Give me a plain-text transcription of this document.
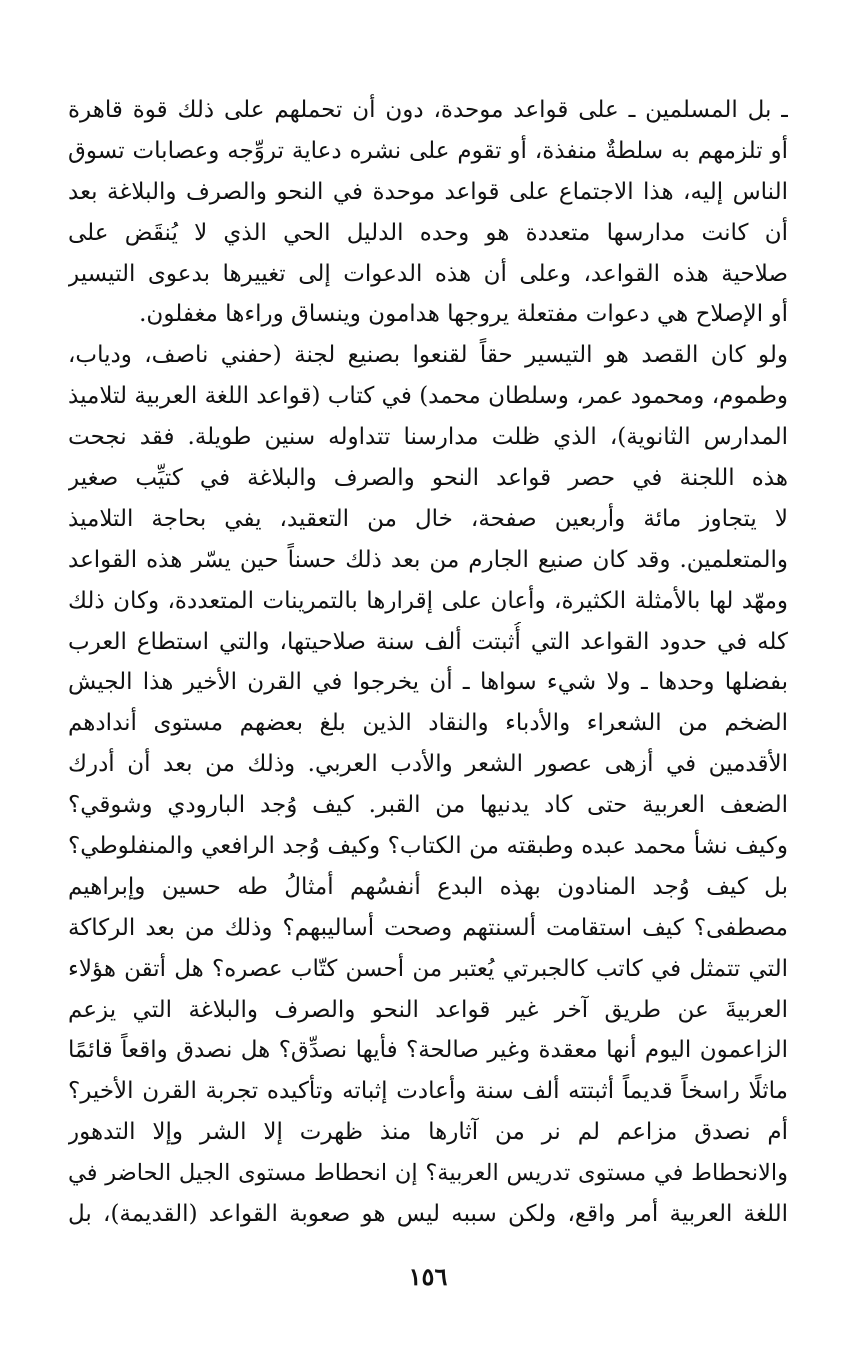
ـ بل المسلمين ـ على قواعد موحدة، دون أن تحملهم على ذلك قوة قاهرة
أو تلزمهم به سلطةٌ منفذة، أو تقوم على نشره دعاية تروِّجه وعصابات تسوق
الناس إليه، هذا الاجتماع على قواعد موحدة في النحو والصرف والبلاغة بعد
أن كانت مدارسها متعددة هو وحده الدليل الحي الذي لا يُنقَض على
صلاحية هذه القواعد، وعلى أن هذه الدعوات إلى تغييرها بدعوى التيسير
أو الإصلاح هي دعوات مفتعلة يروجها هدامون وينساق وراءها مغفلون.
ولو كان القصد هو التيسير حقاً لقنعوا بصنيع لجنة (حفني ناصف، ودياب،
وطموم، ومحمود عمر، وسلطان محمد) في كتاب (قواعد اللغة العربية لتلاميذ
المدارس الثانوية)، الذي ظلت مدارسنا تتداوله سنين طويلة. فقد نجحت
هذه اللجنة في حصر قواعد النحو والصرف والبلاغة في كتيِّب صغير
لا يتجاوز مائة وأربعين صفحة، خال من التعقيد، يفي بحاجة التلاميذ
والمتعلمين. وقد كان صنيع الجارم من بعد ذلك حسناً حين يسّر هذه القواعد
ومهّد لها بالأمثلة الكثيرة، وأعان على إقرارها بالتمرينات المتعددة، وكان ذلك
كله في حدود القواعد التي أُثبتت ألف سنة صلاحيتها، والتي استطاع العرب
بفضلها وحدها ـ ولا شيء سواها ـ أن يخرجوا في القرن الأخير هذا الجيش
الضخم من الشعراء والأدباء والنقاد الذين بلغ بعضهم مستوى أندادهم
الأقدمين في أزهى عصور الشعر والأدب العربي. وذلك من بعد أن أدرك
الضعف العربية حتى كاد يدنيها من القبر. كيف وُجد البارودي وشوقي؟
وكيف نشأ محمد عبده وطبقته من الكتاب؟ وكيف وُجد الرافعي والمنفلوطي؟
بل كيف وُجد المنادون بهذه البدع أنفسُهم أمثالُ طه حسين وإبراهيم
مصطفى؟ كيف استقامت ألسنتهم وصحت أساليبهم؟ وذلك من بعد الركاكة
التي تتمثل في كاتب كالجبرتي يُعتبر من أحسن كتّاب عصره؟ هل أتقن هؤلاء
العربيةَ عن طريق آخر غير قواعد النحو والصرف والبلاغة التي يزعم
الزاعمون اليوم أنها معقدة وغير صالحة؟ فأيها نصدِّق؟ هل نصدق واقعاً قائمًا
ماثلًا راسخاً قديماً أثبتته ألف سنة وأعادت إثباته وتأكيده تجربة القرن الأخير؟
أم نصدق مزاعم لم نر من آثارها منذ ظهرت إلا الشر وإلا التدهور
والانحطاط في مستوى تدريس العربية؟ إن انحطاط مستوى الجيل الحاضر في
اللغة العربية أمر واقع، ولكن سببه ليس هو صعوبة القواعد (القديمة)، بل
١٥٦
